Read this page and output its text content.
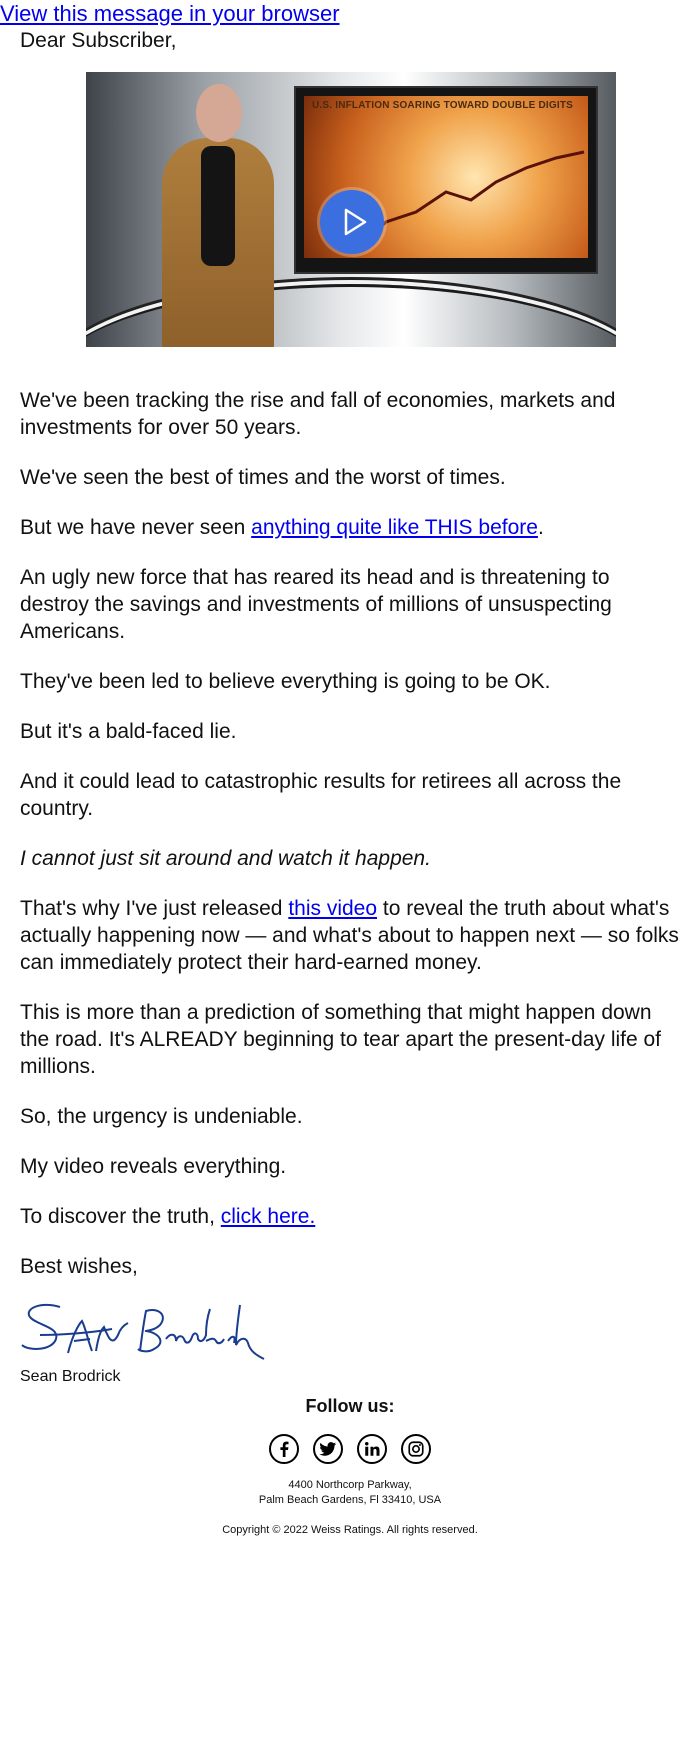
View this message in your browser

Dear Subscriber,

U.S. INFLATION SOARING TOWARD DOUBLE DIGITS

We've been tracking the rise and fall of economies, markets and investments for over 50 years.

We've seen the best of times and the worst of times.

But we have never seen anything quite like THIS before.

An ugly new force that has reared its head and is threatening to destroy the savings and investments of millions of unsuspecting Americans.

They've been led to believe everything is going to be OK.

But it's a bald-faced lie.

And it could lead to catastrophic results for retirees all across the country.

I cannot just sit around and watch it happen.

That's why I've just released this video to reveal the truth about what's actually happening now — and what's about to happen next — so folks can immediately protect their hard-earned money.

This is more than a prediction of something that might happen down the road. It's ALREADY beginning to tear apart the present-day life of millions.

So, the urgency is undeniable.

My video reveals everything.

To discover the truth, click here.

Best wishes,

Sean Brodrick

Follow us:

4400 Northcorp Parkway,
Palm Beach Gardens, Fl 33410, USA
Copyright © 2022 Weiss Ratings. All rights reserved.
